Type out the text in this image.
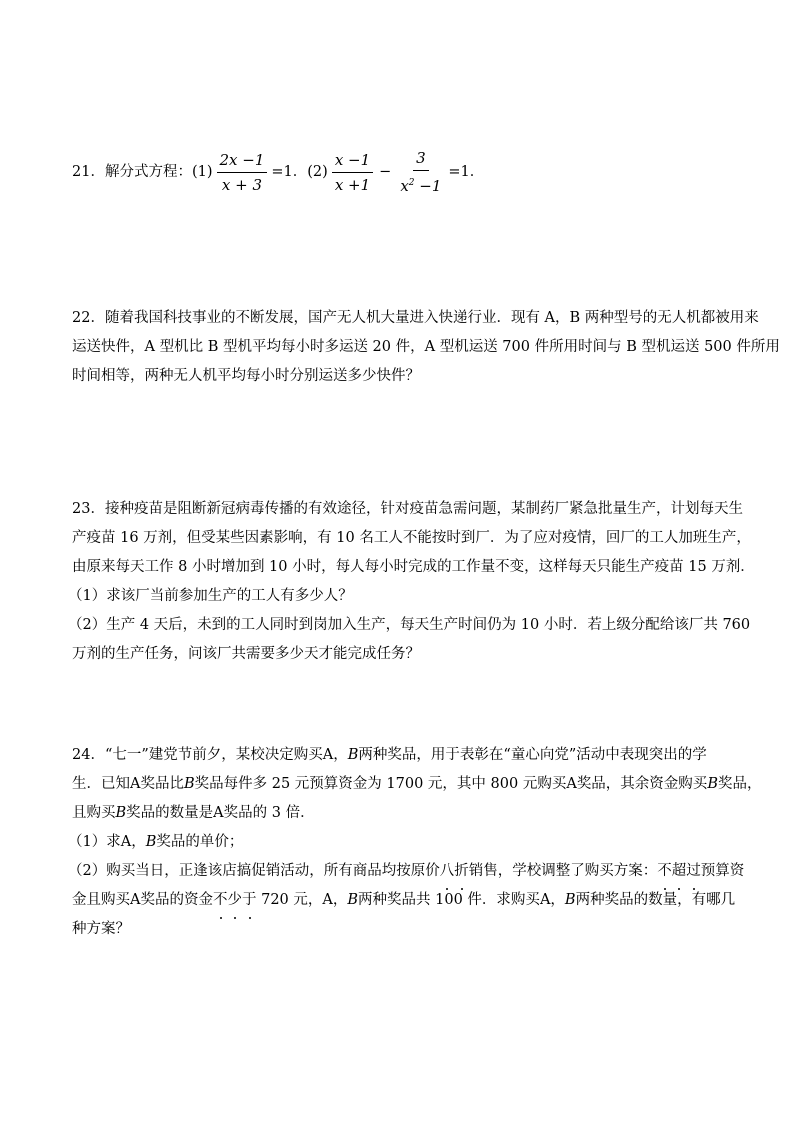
21．解分式方程：$(1) \frac{2x -1}{x + 3} =1$．$(2) \frac{x -1}{x +1} - \frac{3}{x^2 -1} =1$．
22．随着我国科技事业的不断发展，国产无人机大量进入快递行业．现有 A，B 两种型号的无人机都被用来
运送快件，A 型机比 B 型机平均每小时多运送 20 件，A 型机运送 700 件所用时间与 B 型机运送 500 件所用
时间相等，两种无人机平均每小时分别运送多少快件？
23．接种疫苗是阻断新冠病毒传播的有效途径，针对疫苗急需问题，某制药厂紧急批量生产，计划每天生
产疫苗 16 万剂，但受某些因素影响，有 10 名工人不能按时到厂．为了应对疫情，回厂的工人加班生产，
由原来每天工作 8 小时增加到 10 小时，每人每小时完成的工作量不变，这样每天只能生产疫苗 15 万剂．
（1）求该厂当前参加生产的工人有多少人？
（2）生产 4 天后，未到的工人同时到岗加入生产，每天生产时间仍为 10 小时．若上级分配给该厂共 760
万剂的生产任务，问该厂共需要多少天才能完成任务？
24．“七一”建党节前夕，某校决定购买A，B两种奖品，用于表彰在“童心向党”活动中表现突出的学
生．已知A奖品比B奖品每件多 25 元预算资金为 1700 元，其中 800 元购买A奖品，其余资金购买B奖品，
且购买B奖品的数量是A奖品的 3 倍．
（1）求A，B奖品的单价；
（2）购买当日，正逢该店搞促销活动，所有商品均按原价八折销售，学校调整了购买方案：不超过预算资
金且购买A奖品的资金不少于 720 元，A，B两种奖品共 100 件．求购买A，B两种奖品的数量，有哪几
种方案？
